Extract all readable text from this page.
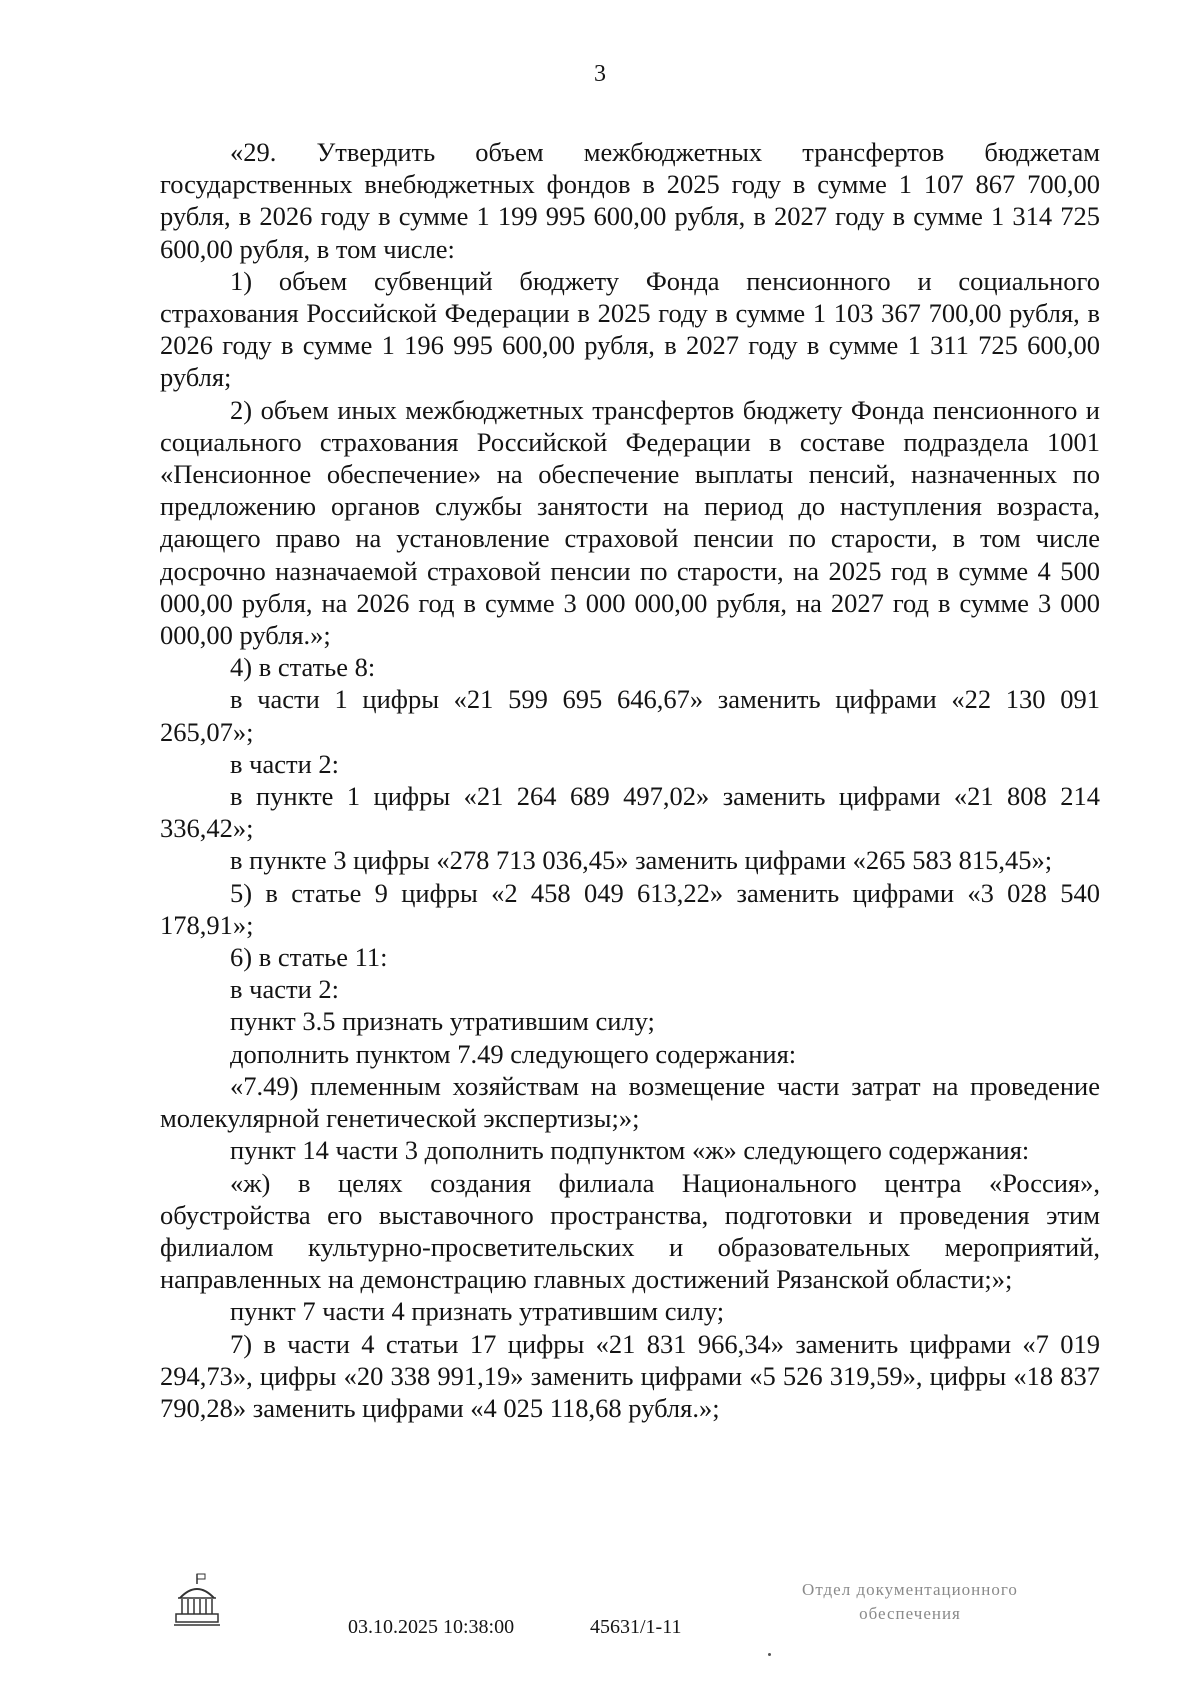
3

«29. Утвердить объем межбюджетных трансфертов бюджетам государственных внебюджетных фондов в 2025 году в сумме 1 107 867 700,00 рубля, в 2026 году в сумме 1 199 995 600,00 рубля, в 2027 году в сумме 1 314 725 600,00 рубля, в том числе:

1) объем субвенций бюджету Фонда пенсионного и социального страхования Российской Федерации в 2025 году в сумме 1 103 367 700,00 рубля, в 2026 году в сумме 1 196 995 600,00 рубля, в 2027 году в сумме 1 311 725 600,00 рубля;

2) объем иных межбюджетных трансфертов бюджету Фонда пенсионного и социального страхования Российской Федерации в составе подраздела 1001 «Пенсионное обеспечение» на обеспечение выплаты пенсий, назначенных по предложению органов службы занятости на период до наступления возраста, дающего право на установление страховой пенсии по старости, в том числе досрочно назначаемой страховой пенсии по старости, на 2025 год в сумме 4 500 000,00 рубля, на 2026 год в сумме 3 000 000,00 рубля, на 2027 год в сумме 3 000 000,00 рубля.»;

4) в статье 8:

в части 1 цифры «21 599 695 646,67» заменить цифрами «22 130 091 265,07»;

в части 2:

в пункте 1 цифры «21 264 689 497,02» заменить цифрами «21 808 214 336,42»;

в пункте 3 цифры «278 713 036,45» заменить цифрами «265 583 815,45»;

5) в статье 9 цифры «2 458 049 613,22» заменить цифрами «3 028 540 178,91»;

6) в статье 11:

в части 2:

пункт 3.5 признать утратившим силу;

дополнить пунктом 7.49 следующего содержания:

«7.49) племенным хозяйствам на возмещение части затрат на проведение молекулярной генетической экспертизы;»;

пункт 14 части 3 дополнить подпунктом «ж» следующего содержания:

«ж) в целях создания филиала Национального центра «Россия», обустройства его выставочного пространства, подготовки и проведения этим филиалом культурно-просветительских и образовательных мероприятий, направленных на демонстрацию главных достижений Рязанской области;»;

пункт 7 части 4 признать утратившим силу;

7) в части 4 статьи 17 цифры «21 831 966,34» заменить цифрами «7 019 294,73», цифры «20 338 991,19» заменить цифрами «5 526 319,59», цифры «18 837 790,28» заменить цифрами «4 025 118,68 рубля.»;

03.10.2025 10:38:00	45631/1-11
Отдел документационного
обеспечения
